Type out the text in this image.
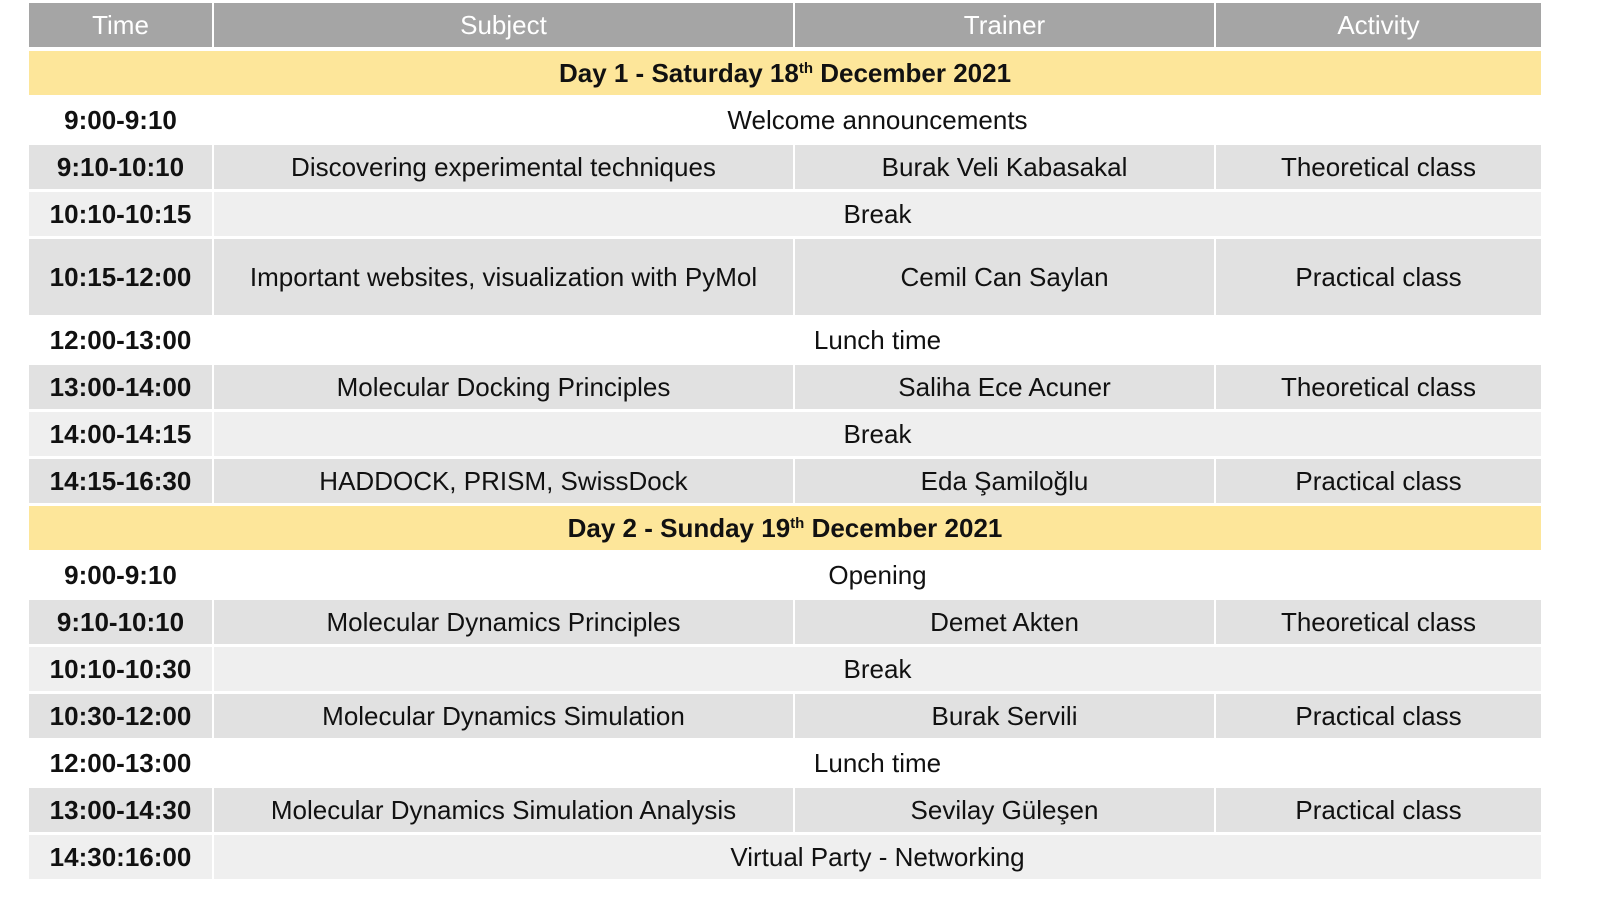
Time	Subject	Trainer	Activity
Day 1 - Saturday 18th December 2021			
9:00-9:10	Welcome announcements		
9:10-10:10	Discovering experimental techniques	Burak Veli Kabasakal	Theoretical class
10:10-10:15	Break		
10:15-12:00	Important websites, visualization with PyMol	Cemil Can Saylan	Practical class
12:00-13:00	Lunch time		
13:00-14:00	Molecular Docking Principles	Saliha Ece Acuner	Theoretical class
14:00-14:15	Break		
14:15-16:30	HADDOCK, PRISM, SwissDock	Eda Şamiloğlu	Practical class
Day 2 - Sunday 19th December 2021			
9:00-9:10	Opening		
9:10-10:10	Molecular Dynamics Principles	Demet Akten	Theoretical class
10:10-10:30	Break		
10:30-12:00	Molecular Dynamics Simulation	Burak Servili	Practical class
12:00-13:00	Lunch time		
13:00-14:30	Molecular Dynamics Simulation Analysis	Sevilay Güleşen	Practical class
14:30:16:00	Virtual Party - Networking		
